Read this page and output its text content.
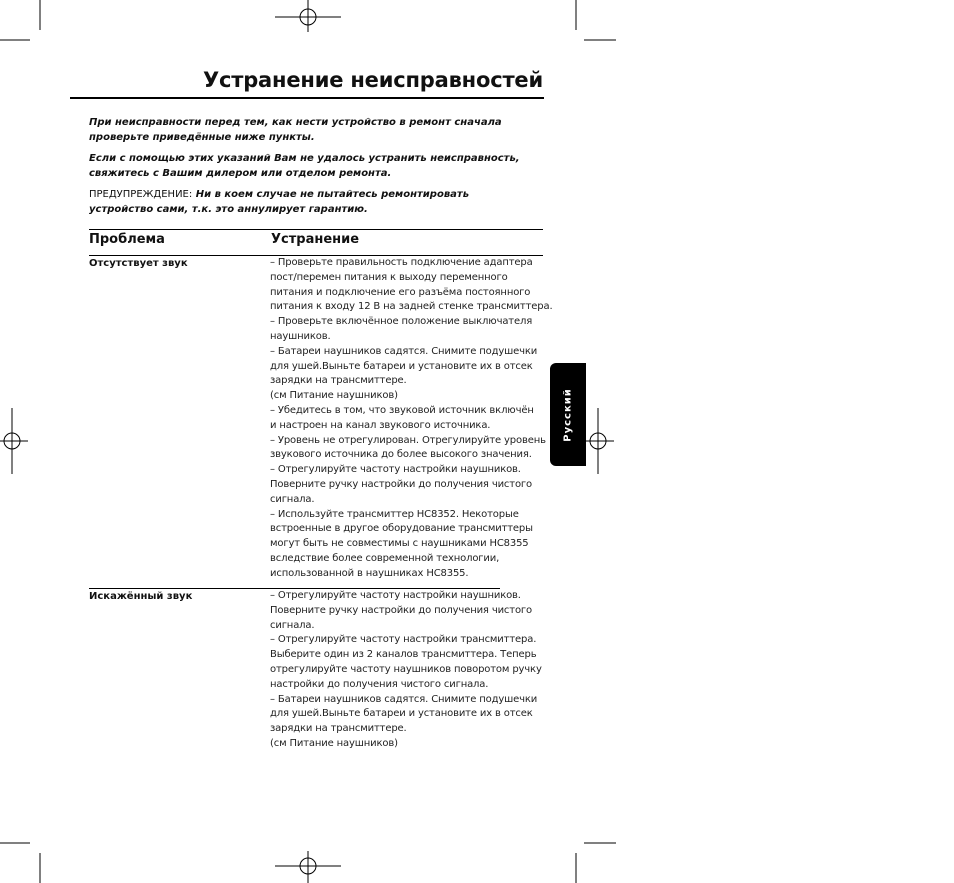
Устранение неисправностей

При неисправности перед тем, как нести устройство в ремонт сначала
проверьте приведённые ниже пункты.

Если с помощью этих указаний Вам не удалось устранить неисправность,
свяжитесь с Вашим дилером или отделом ремонта.

ПРЕДУПРЕЖДЕНИЕ: Ни в коем случае не пытайтесь ремонтировать
устройство сами, т.к. это аннулирует гарантию.

Проблема	Устранение
Отсутствует звук	– Проверьте правильность подключение адаптера
пост/перемен питания к выходу переменного
питания и подключение его разъёма постоянного
питания к входу 12 В на задней стенке трансмиттера.
– Проверьте включённое положение выключателя
наушников.
– Батареи наушников садятся. Снимите подушечки
для ушей.Выньте батареи и установите их в отсек
зарядки на трансмиттере.
(см Питание наушников)
– Убедитесь в том, что звуковой источник включён
и настроен на канал звукового источника.
– Уровень не отрегулирован. Отрегулируйте уровень
звукового источника до более высокого значения.
– Отрегулируйте частоту настройки наушников.
Поверните ручку настройки до получения чистого
сигнала.
– Используйте трансмиттер HC8352. Некоторые
встроенные в другое оборудование трансмиттеры
могут быть не совместимы с наушниками HC8355
вследствие более современной технологии,
использованной в наушниках HC8355.
Искажённый звук	– Отрегулируйте частоту настройки наушников.
Поверните ручку настройки до получения чистого
сигнала.
– Отрегулируйте частоту настройки трансмиттера.
Выберите один из 2 каналов трансмиттера. Теперь
отрегулируйте частоту наушников поворотом ручку
настройки до получения чистого сигнала.
– Батареи наушников садятся. Снимите подушечки
для ушей.Выньте батареи и установите их в отсек
зарядки на трансмиттере.
(см Питание наушников)
Русский
